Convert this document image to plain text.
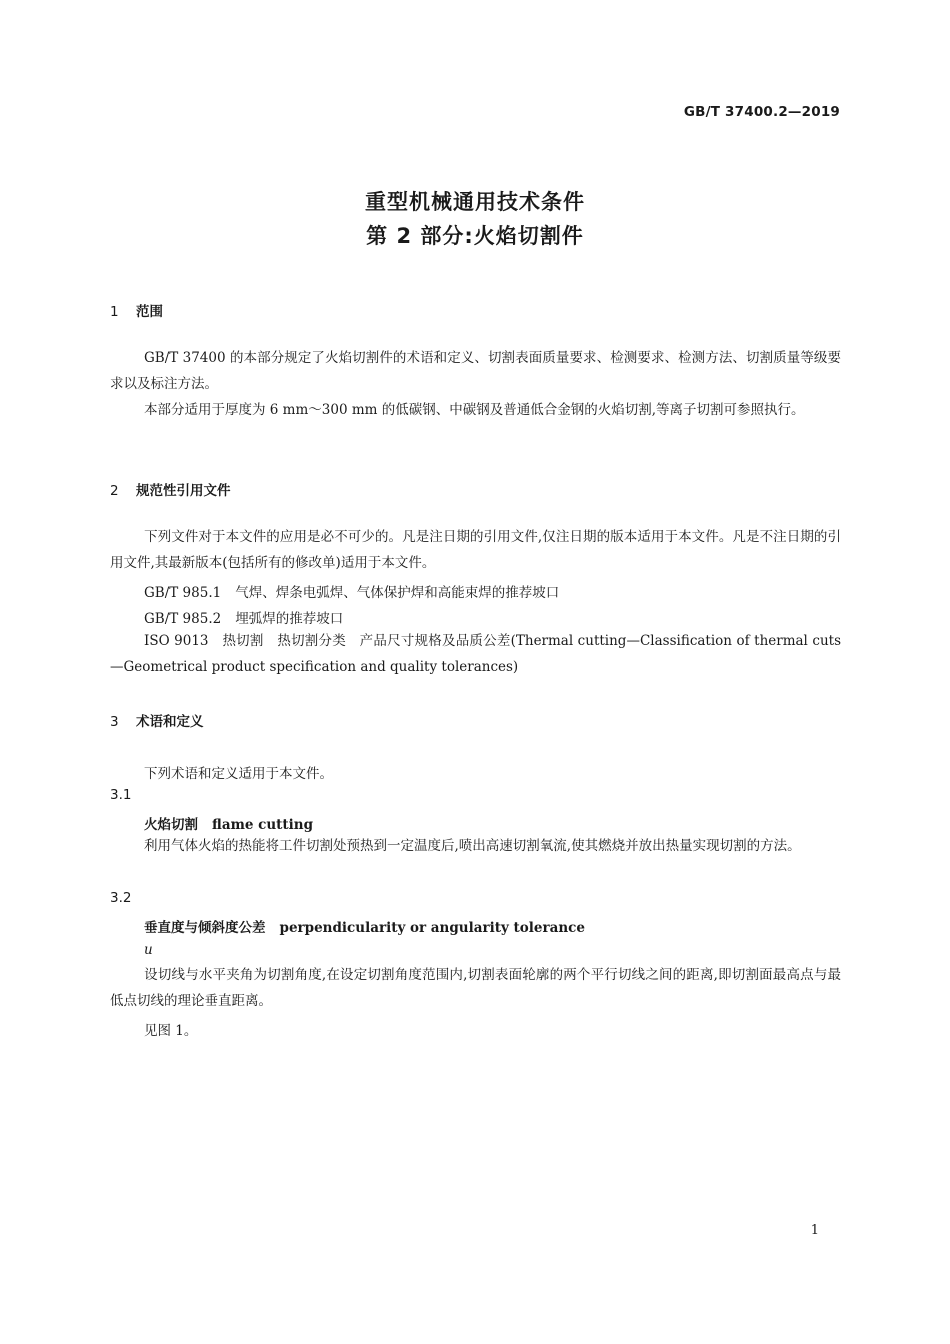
GB/T 37400.2—2019
重型机械通用技术条件
第 2 部分:火焰切割件
1 范围
GB/T 37400 的本部分规定了火焰切割件的术语和定义、切割表面质量要求、检测要求、检测方法、切割质量等级要求以及标注方法。
本部分适用于厚度为 6 mm～300 mm 的低碳钢、中碳钢及普通低合金钢的火焰切割,等离子切割可参照执行。
2 规范性引用文件
下列文件对于本文件的应用是必不可少的。凡是注日期的引用文件,仅注日期的版本适用于本文件。凡是不注日期的引用文件,其最新版本(包括所有的修改单)适用于本文件。
GB/T 985.1 气焊、焊条电弧焊、气体保护焊和高能束焊的推荐坡口
GB/T 985.2 埋弧焊的推荐坡口
ISO 9013　热切割　热切割分类　产品尺寸规格及品质公差(Thermal cutting—Classification of thermal cuts—Geometrical product specification and quality tolerances)
3 术语和定义
下列术语和定义适用于本文件。
3.1
火焰切割 flame cutting
利用气体火焰的热能将工件切割处预热到一定温度后,喷出高速切割氧流,使其燃烧并放出热量实现切割的方法。
3.2
垂直度与倾斜度公差 perpendicularity or angularity tolerance
u
设切线与水平夹角为切割角度,在设定切割角度范围内,切割表面轮廓的两个平行切线之间的距离,即切割面最高点与最低点切线的理论垂直距离。
见图 1。
1
